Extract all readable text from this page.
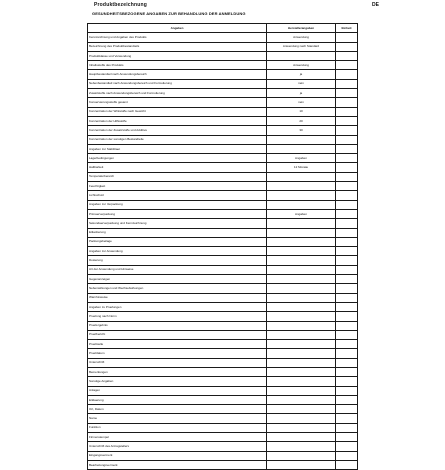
Produktbezeichnung	DE
GESUNDHEITSBEZOGENE ANGABEN ZUR BEHANDLUNG DER ANMELDUNG
Angaben	Herstellerangaben	Einheit
Kennzeichnung und Angaben des Produkts	Anwendung	
Bezeichnung des Produktbestandteils	Anwendung nach Standard	
Produktklasse und Verwendung		
Inhaltsstoffe des Produkts	Anwendung	
Hauptbestandteil nach Anwendungsbereich	ja	
Nebenbestandteil nach Anwendungsbereich und Formulierung	nein	
Zusatzstoffe nach Anwendungsbereich und Formulierung	ja	
Konservierungsstoffe gesamt	nein	
Konzentration der Wirkstoffe nach Gewicht	10	
Konzentration der Hilfsstoffe	20	
Konzentration der Zusatzstoffe und Additive	30	
Konzentration der sonstigen Bestandteile		
Angaben zur Stabilitaet		
Lagerbedingungen	Angaben	
Haltbarkeit	12 Monate	
Temperaturbereich		
Feuchtigkeit		
Lichtschutz		
Angaben zur Verpackung		
Primaerverpackung	Angaben	
Sekundaerverpackung und Kennzeichnung		
Etikettierung		
Packungsbeilage		
Angaben zur Anwendung		
Dosierung		
Art der Anwendung und Hinweise		
Gegenanzeigen		
Nebenwirkungen und Wechselwirkungen		
Warnhinweise		
Angaben zu Pruefungen		
Pruefung nach Norm		
Pruefergebnis		
Pruefbericht		
Pruefstelle		
Pruefdatum		
Unterschrift		
Bemerkungen		
Sonstige Angaben		
Anlagen		
Erklaerung		
Ort, Datum		
Name		
Funktion		
Firmenstempel		
Unterschrift des Antragstellers		
Eingangsvermerk		
Bearbeitungsvermerk		
